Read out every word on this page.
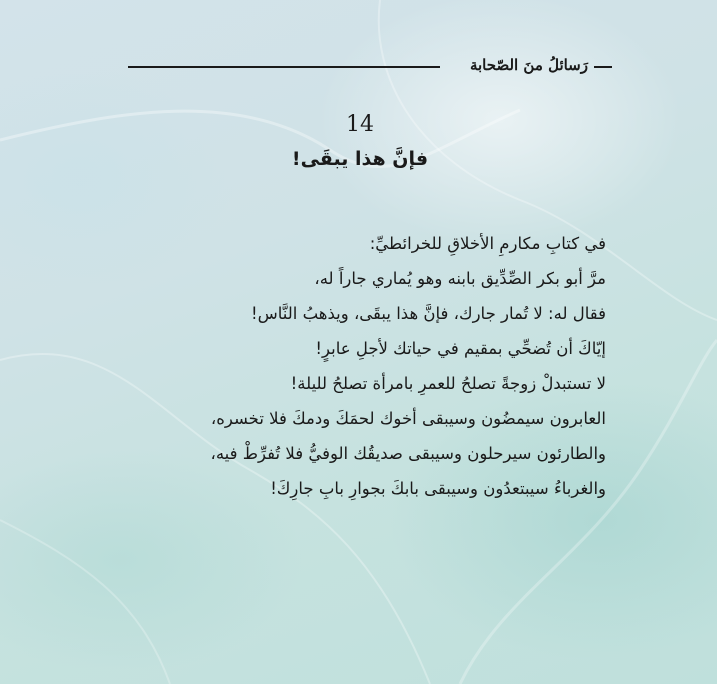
رَسائلُ منَ الصّحابة
14
فإنَّ هذا يبقَى!
في كتابِ مكارمِ الأخلاقِ للخرائطيِّ:
مرَّ أبو بكر الصِّدِّيق بابنه وهو يُماري جاراً له،
فقال له: لا تُمار جارك، فإنَّ هذا يبقَى، ويذهبُ النَّاس!
إيّاكَ أن تُضحِّي بمقيم في حياتك لأجلِ عابرٍ!
لا تستبدلْ زوجةً تصلحُ للعمرِ بامرأة تصلحُ لليلة!
العابرون سيمضُون وسيبقى أخوك لحمَكَ ودمكَ فلا تخسره،
والطارئون سيرحلون وسيبقى صديقُك الوفيُّ فلا تُفرِّطْ فيه،
والغرباءُ سيبتعدُون وسيبقى بابكَ بجوارِ بابِ جارِكَ!
